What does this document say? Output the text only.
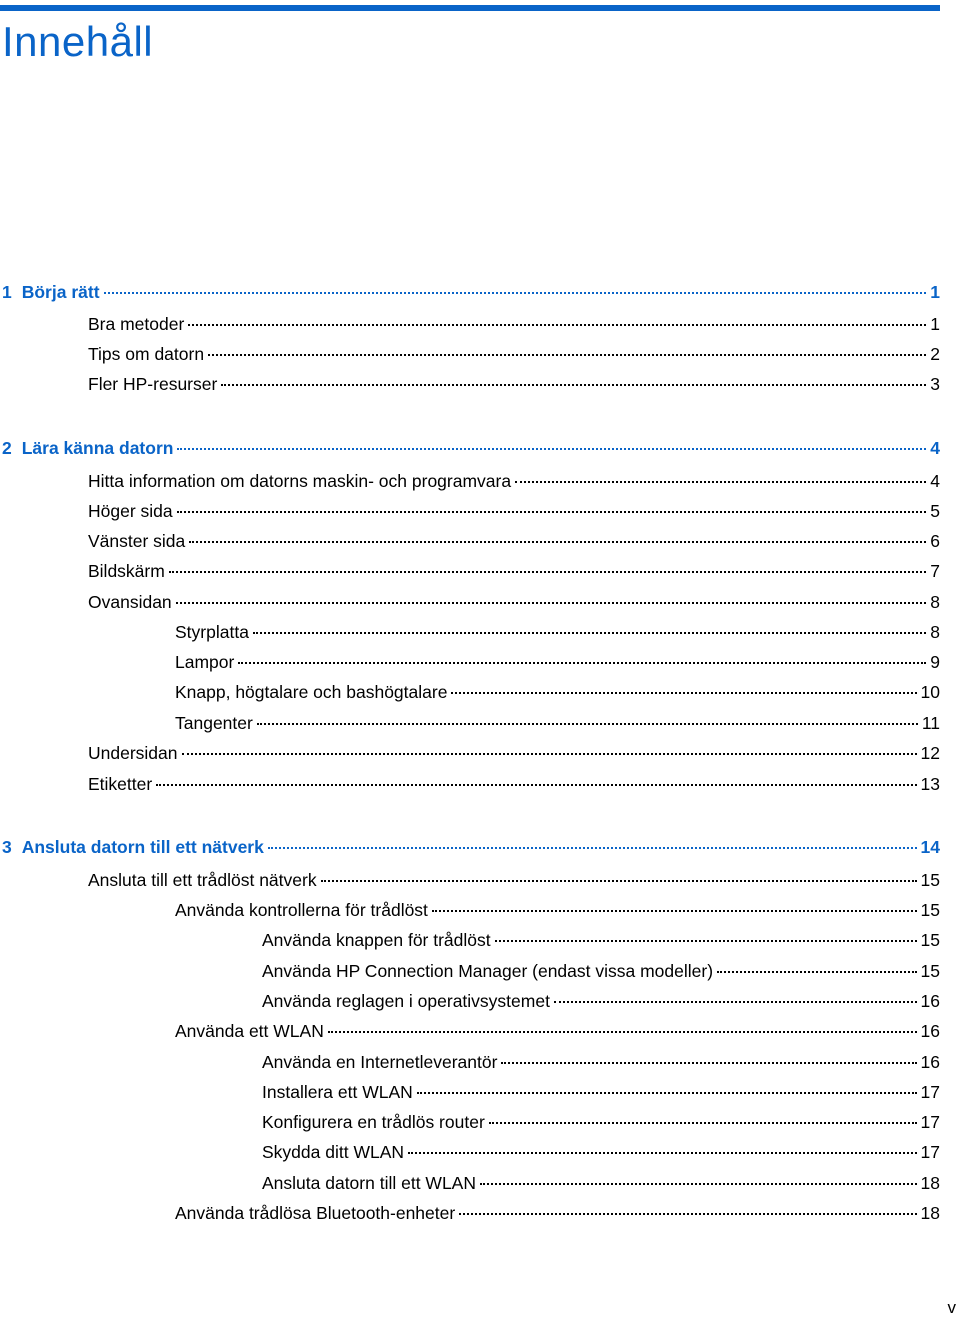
Innehåll
1 Börja rätt	1
Bra metoder	1
Tips om datorn	2
Fler HP-resurser	3
2 Lära känna datorn	4
Hitta information om datorns maskin- och programvara	4
Höger sida	5
Vänster sida	6
Bildskärm	7
Ovansidan	8
Styrplatta	8
Lampor	9
Knapp, högtalare och bashögtalare	10
Tangenter	11
Undersidan	12
Etiketter	13
3 Ansluta datorn till ett nätverk	14
Ansluta till ett trådlöst nätverk	15
Använda kontrollerna för trådlöst	15
Använda knappen för trådlöst	15
Använda HP Connection Manager (endast vissa modeller)	15
Använda reglagen i operativsystemet	16
Använda ett WLAN	16
Använda en Internetleverantör	16
Installera ett WLAN	17
Konfigurera en trådlös router	17
Skydda ditt WLAN	17
Ansluta datorn till ett WLAN	18
Använda trådlösa Bluetooth-enheter	18
v
